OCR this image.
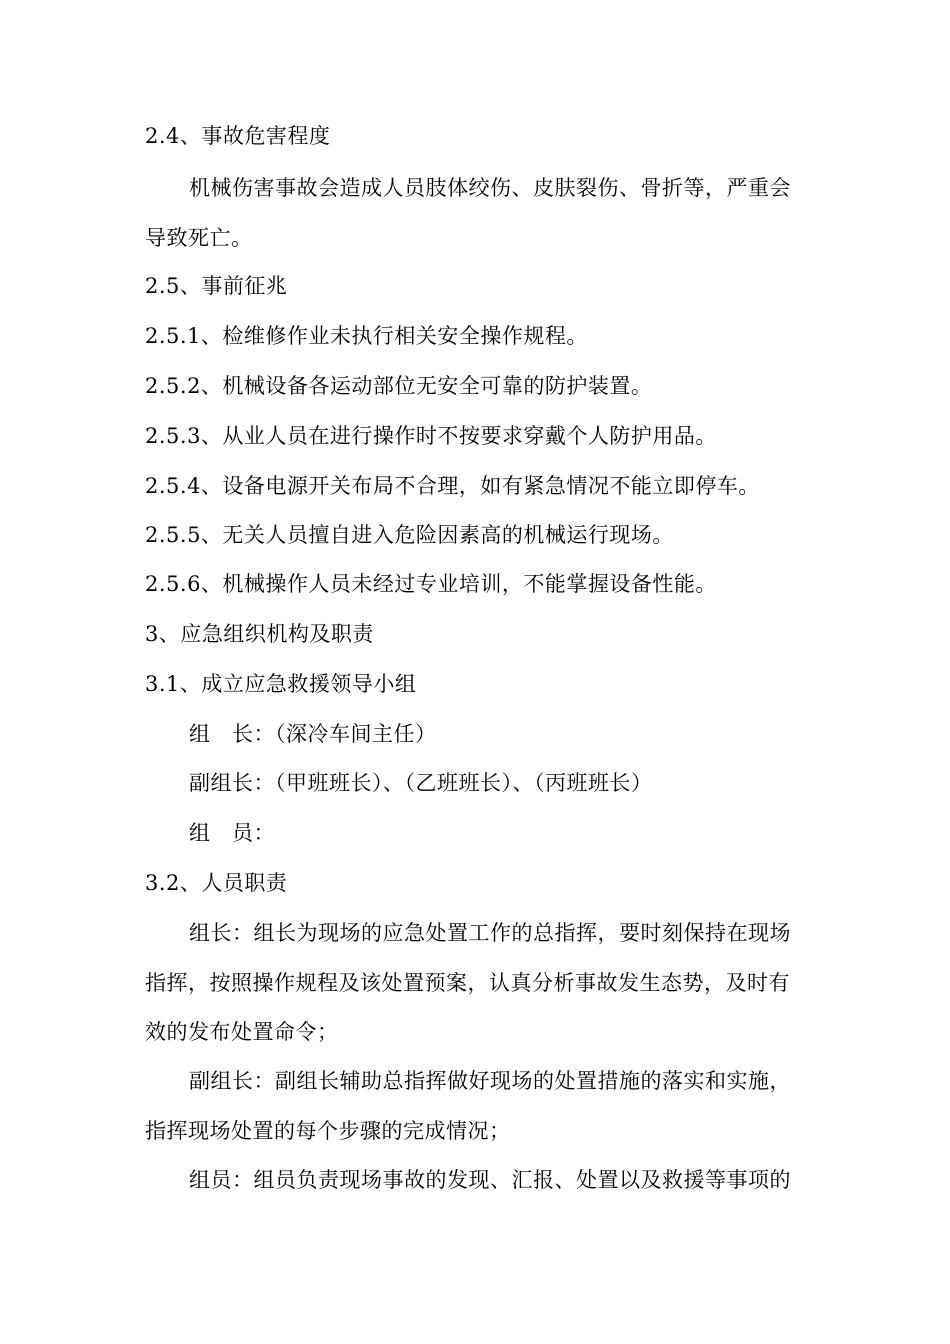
2.4、事故危害程度
机械伤害事故会造成人员肢体绞伤、皮肤裂伤、骨折等，严重会
导致死亡。
2.5、事前征兆
2.5.1、检维修作业未执行相关安全操作规程。
2.5.2、机械设备各运动部位无安全可靠的防护装置。
2.5.3、从业人员在进行操作时不按要求穿戴个人防护用品。
2.5.4、设备电源开关布局不合理，如有紧急情况不能立即停车。
2.5.5、无关人员擅自进入危险因素高的机械运行现场。
2.5.6、机械操作人员未经过专业培训，不能掌握设备性能。
3、应急组织机构及职责
3.1、成立应急救援领导小组
组　长：（深冷车间主任）
副组长：（甲班班长）、（乙班班长）、（丙班班长）
组　员：
3.2、人员职责
组长：组长为现场的应急处置工作的总指挥，要时刻保持在现场
指挥，按照操作规程及该处置预案，认真分析事故发生态势，及时有
效的发布处置命令；
副组长：副组长辅助总指挥做好现场的处置措施的落实和实施，
指挥现场处置的每个步骤的完成情况；
组员：组员负责现场事故的发现、汇报、处置以及救援等事项的
